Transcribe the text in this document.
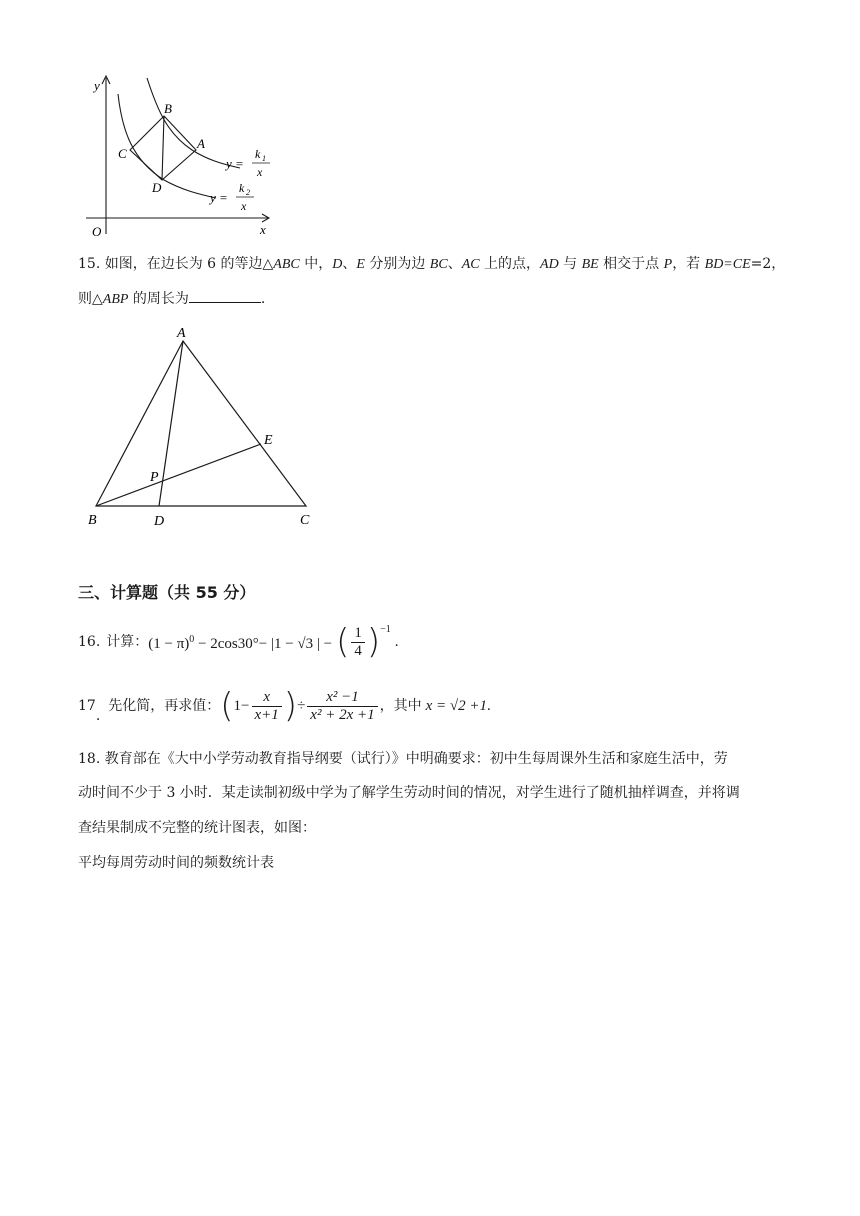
y
x
O
B
A
C
D
y =
k 1
x
y =
k 2
x
15. 如图，在边长为 6 的等边△ABC 中，D、E 分别为边 BC、AC 上的点，AD 与 BE 相交于点 P，若 BD=CE=2，
则△ABP 的周长为	.
A
B	C
D
E
P
三、计算题（共 55 分）
16. 计算： $(1 - \pi)^0 - 2\cos 30^\circ- |1 - √3$ | − ( $\frac{1}{4}$ ) −1
.
17
.
先化简，再求值： ( $1- \frac{x}{x+1}$ ) ÷ $\frac{\text{x² −1}}{\text{x² + 2x +1}}$ ，其中 x = √2 +1 .
18. 教育部在《大中小学劳动教育指导纲要（试行）》中明确要求：初中生每周课外生活和家庭生活中，劳
动时间不少于 3 小时．某走读制初级中学为了解学生劳动时间的情况，对学生进行了随机抽样调查，并将调
查结果制成不完整的统计图表，如图：
平均每周劳动时间的频数统计表
